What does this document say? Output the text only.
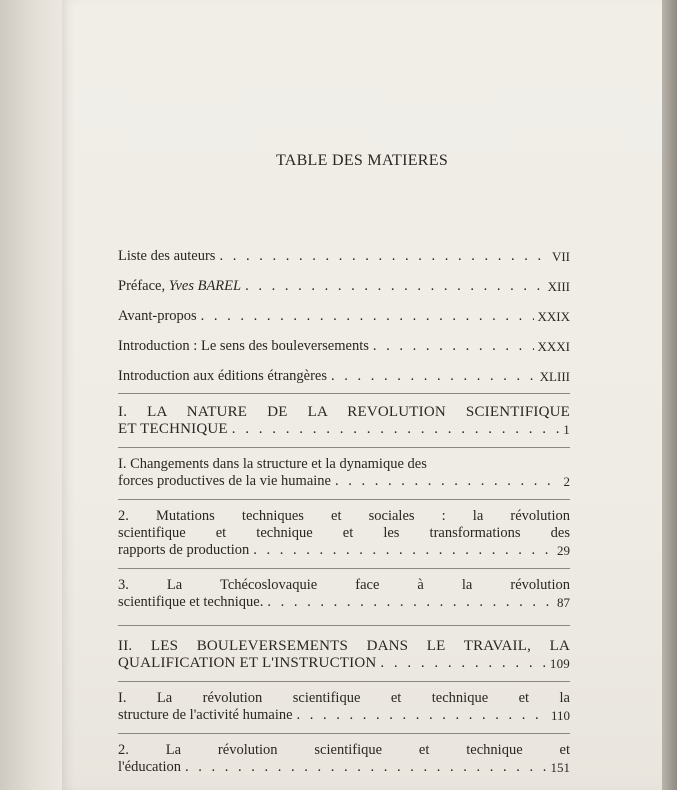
TABLE DES MATIERES
Liste des auteurs . . .	VII
Préface, Yves BAREL . . .	XIII
Avant-propos . . .	XXIX
Introduction : Le sens des bouleversements . . .	XXXI
Introduction aux éditions étrangères . . .	XLIII
I. LA NATURE DE LA REVOLUTION SCIENTIFIQUE
ET TECHNIQUE . . .	1
I. Changements dans la structure et la dynamique des
forces productives de la vie humaine . . .	2
2. Mutations techniques et sociales : la révolution
scientifique et technique et les transformations des
rapports de production . . .	29
3. La Tchécoslovaquie face à la révolution
scientifique et technique. . . .	87
II. LES BOULEVERSEMENTS DANS LE TRAVAIL, LA
QUALIFICATION ET L'INSTRUCTION . . .	109
I. La révolution scientifique et technique et la
structure de l'activité humaine . . .	110
2. La révolution scientifique et technique et
l'éducation . . .	151
